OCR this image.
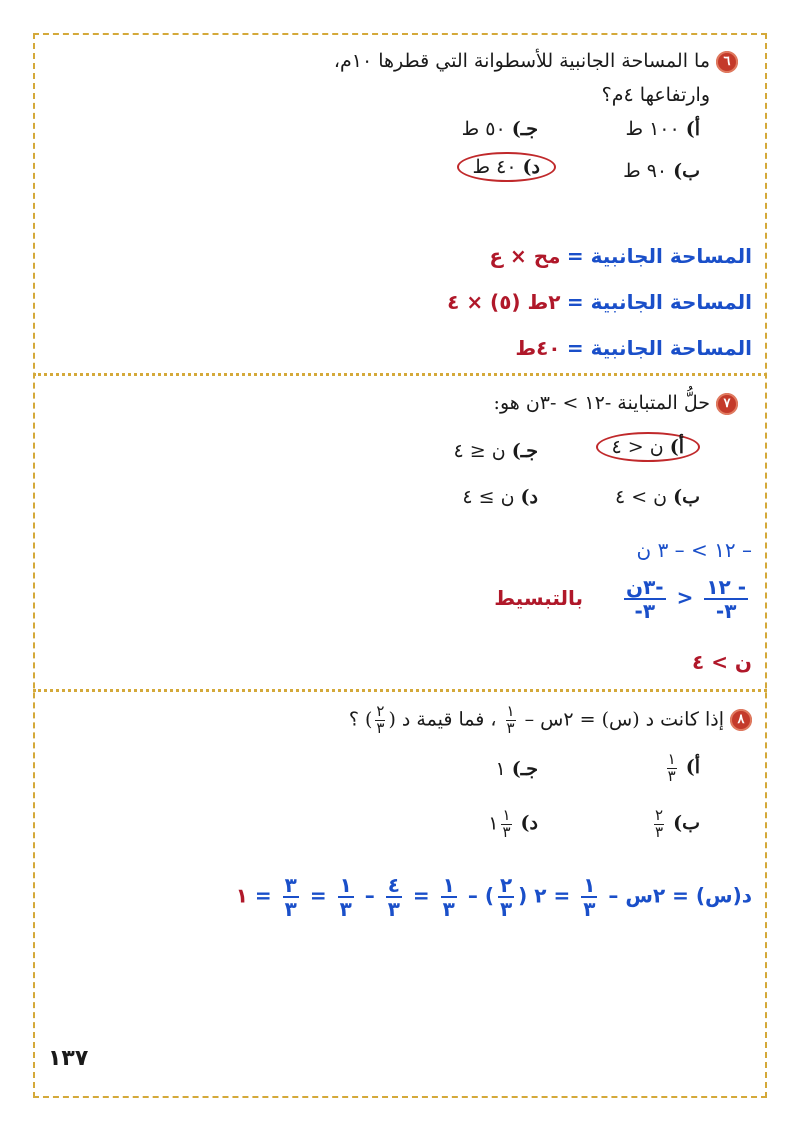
٦ما المساحة الجانبية للأسطوانة التي قطرها ١٠م،
وارتفاعها ٤م؟
أ)١٠٠ ط
جـ)٥٠ ط
ب)٩٠ ط
د)٤٠ ط
المساحة الجانبية = مح × ع
المساحة الجانبية = ٢ط (٥) × ٤
المساحة الجانبية = ٤٠ط
٧حلُّ المتباينة -١٢ > -٣ن هو:
أ)ن < ٤
جـ)ن ≤ ٤
ب)ن > ٤
د)ن ≥ ٤
– ١٢ > – ٣ ن
$\frac{- ١٢}{٣-}$
<
$\frac{\text{-٣ن}}{٣-}$
بالتبسيط
ن > ٤
٨إذا كانت د (س) = ٢س –
١
٣
، فما قيمة د (
٢
٣
) ؟
أ)
١
٣
جـ)١
ب)
٢
٣
د)
١
٣
١
د(س) = ٢س –
$\frac{١}{٣}$
= ٢ (
$\frac{٢}{٣}$
) –
$\frac{١}{٣}$
=
$\frac{٤}{٣}$
–
$\frac{١}{٣}$
=
$\frac{٣}{٣}$
= ١
١٣٧
